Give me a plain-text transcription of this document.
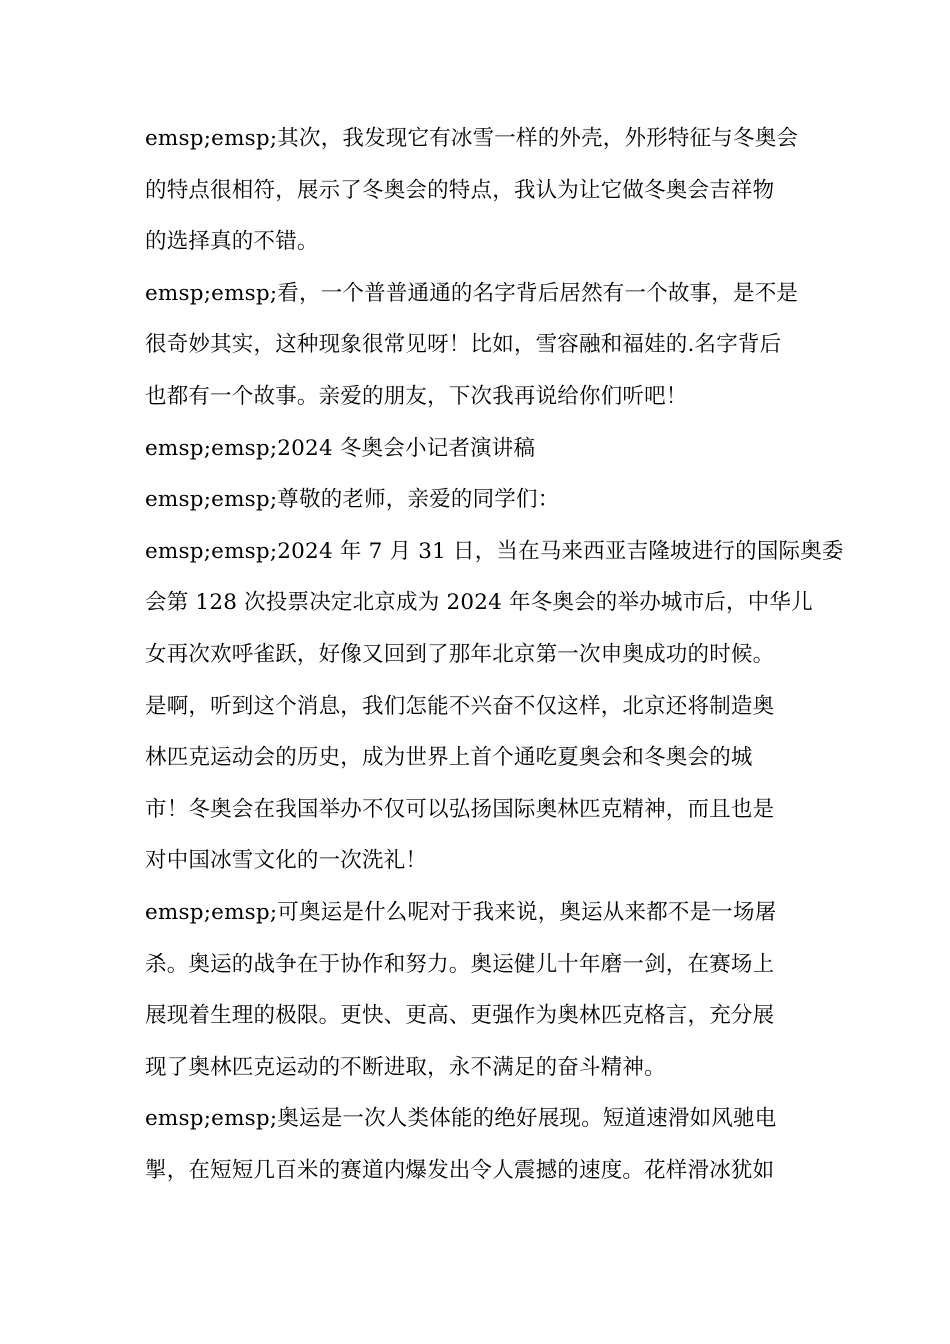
emsp;emsp;其次，我发现它有冰雪一样的外壳，外形特征与冬奥会
的特点很相符，展示了冬奥会的特点，我认为让它做冬奥会吉祥物
的选择真的不错。
emsp;emsp;看，一个普普通通的名字背后居然有一个故事，是不是
很奇妙其实，这种现象很常见呀！比如，雪容融和福娃的.名字背后
也都有一个故事。亲爱的朋友，下次我再说给你们听吧！
emsp;emsp;2024 冬奥会小记者演讲稿
emsp;emsp;尊敬的老师，亲爱的同学们：
emsp;emsp;2024 年 7 月 31 日，当在马来西亚吉隆坡进行的国际奥委
会第 128 次投票决定北京成为 2024 年冬奥会的举办城市后，中华儿
女再次欢呼雀跃，好像又回到了那年北京第一次申奥成功的时候。
是啊，听到这个消息，我们怎能不兴奋不仅这样，北京还将制造奥
林匹克运动会的历史，成为世界上首个通吃夏奥会和冬奥会的城
市！冬奥会在我国举办不仅可以弘扬国际奥林匹克精神，而且也是
对中国冰雪文化的一次洗礼！
emsp;emsp;可奥运是什么呢对于我来说，奥运从来都不是一场屠
杀。奥运的战争在于协作和努力。奥运健儿十年磨一剑，在赛场上
展现着生理的极限。更快、更高、更强作为奥林匹克格言，充分展
现了奥林匹克运动的不断进取，永不满足的奋斗精神。
emsp;emsp;奥运是一次人类体能的绝好展现。短道速滑如风驰电
掣，在短短几百米的赛道内爆发出令人震撼的速度。花样滑冰犹如
